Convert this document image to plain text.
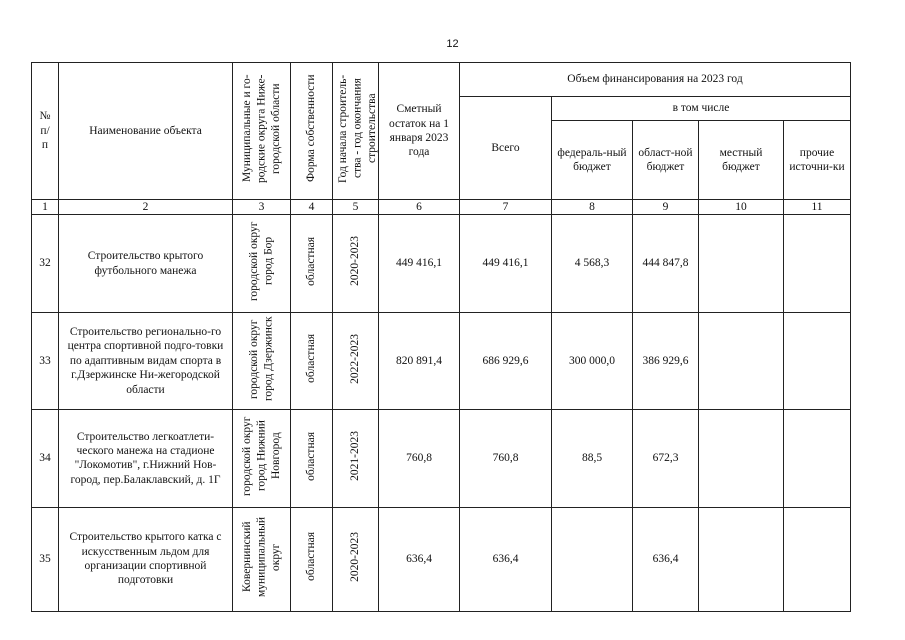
12
№
п/
п	Наименование объекта	Муниципальные и го-родские округа Ниже-городской области	Форма собственности	Год начала строитель-ства - год окончания строительства	Сметный остаток на 1 января 2023 года	Объем финансирования на 2023 год				
						Всего	в том числе			
							федераль-ный бюджет	област-ной бюджет	местный бюджет	прочие источни-ки
1	2	3	4	5	6	7	8	9	10	11
32	Строительство крытого футбольного манежа	городской округ город Бор	областная	2020-2023	449 416,1	449 416,1	4 568,3	444 847,8		
33	Строительство регионально-го центра спортивной подго-товки по адаптивным видам спорта в г.Дзержинске Ни-жегородской области	городской округ город Дзержинск	областная	2022-2023	820 891,4	686 929,6	300 000,0	386 929,6		
34	Строительство легкоатлети-ческого манежа на стадионе "Локомотив", г.Нижний Нов-город, пер.Балаклавский, д. 1Г	городской округ город Нижний Новгород	областная	2021-2023	760,8	760,8	88,5	672,3		
35	Строительство крытого катка с искусственным льдом для организации спортивной подготовки	Ковернинский муниципальный округ	областная	2020-2023	636,4	636,4		636,4		
